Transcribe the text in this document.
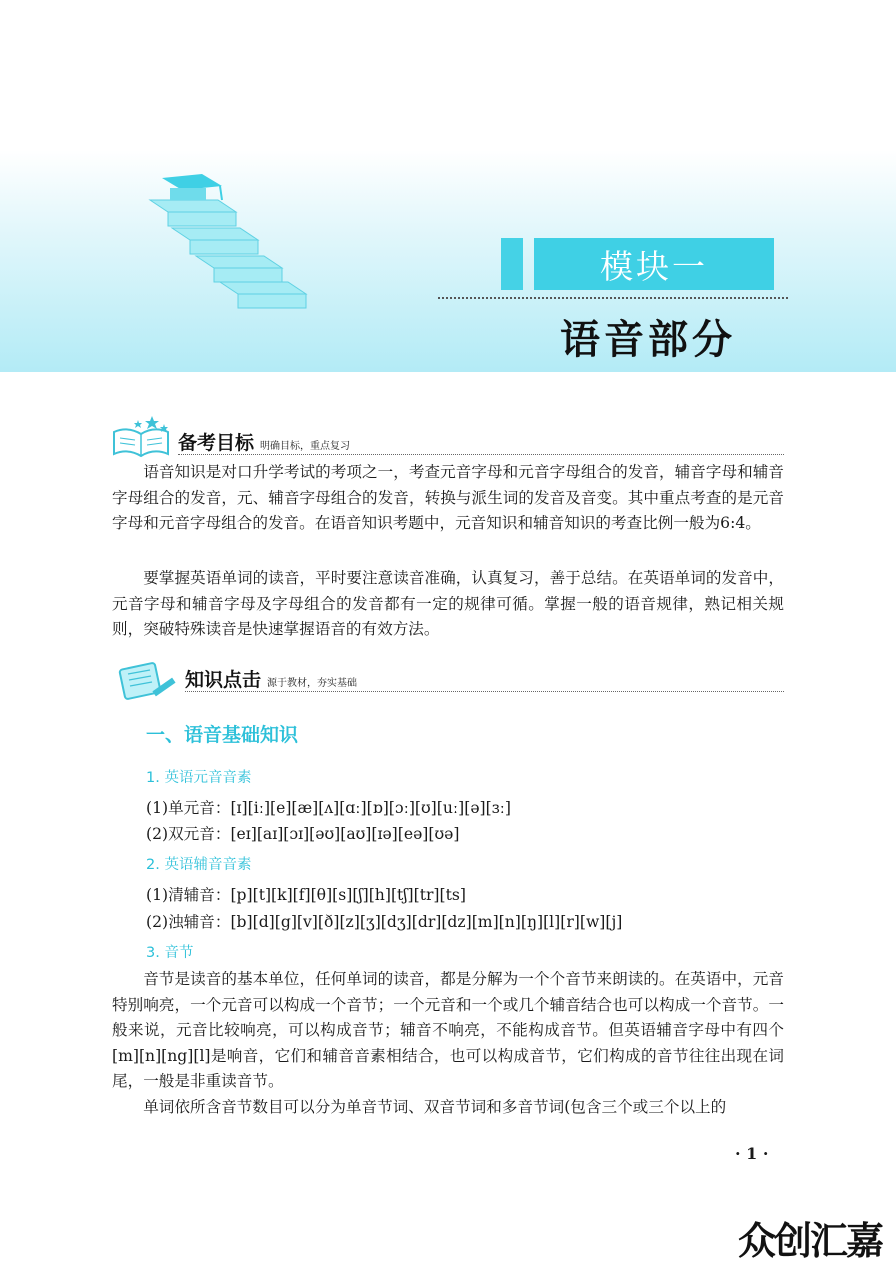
模块一
语音部分
备考目标 明确目标，重点复习

语音知识是对口升学考试的考项之一，考查元音字母和元音字母组合的发音，辅音字母和辅音字母组合的发音，元、辅音字母组合的发音，转换与派生词的发音及音变。其中重点考查的是元音字母和元音字母组合的发音。在语音知识考题中，元音知识和辅音知识的考查比例一般为6:4。

要掌握英语单词的读音，平时要注意读音准确，认真复习，善于总结。在英语单词的发音中，元音字母和辅音字母及字母组合的发音都有一定的规律可循。掌握一般的语音规律，熟记相关规则，突破特殊读音是快速掌握语音的有效方法。

知识点击 源于教材，夯实基础
一、语音基础知识
1. 英语元音音素
(1)单元音：[ɪ][iː][e][æ][ʌ][ɑː][ɒ][ɔː][ʊ][uː][ə][ɜː]
(2)双元音：[eɪ][aɪ][ɔɪ][əʊ][aʊ][ɪə][eə][ʊə]
2. 英语辅音音素
(1)清辅音：[p][t][k][f][θ][s][ʃ][h][tʃ][tr][ts]
(2)浊辅音：[b][d][g][v][ð][z][ʒ][dʒ][dr][dz][m][n][ŋ][l][r][w][j]
3. 音节

音节是读音的基本单位，任何单词的读音，都是分解为一个个音节来朗读的。在英语中，元音特别响亮，一个元音可以构成一个音节；一个元音和一个或几个辅音结合也可以构成一个音节。一般来说，元音比较响亮，可以构成音节；辅音不响亮，不能构成音节。但英语辅音字母中有四个[m][n][ng][l]是响音，它们和辅音音素相结合，也可以构成音节，它们构成的音节往往出现在词尾，一般是非重读音节。

单词依所含音节数目可以分为单音节词、双音节词和多音节词(包含三个或三个以上的

· 1 ·
众创汇嘉
